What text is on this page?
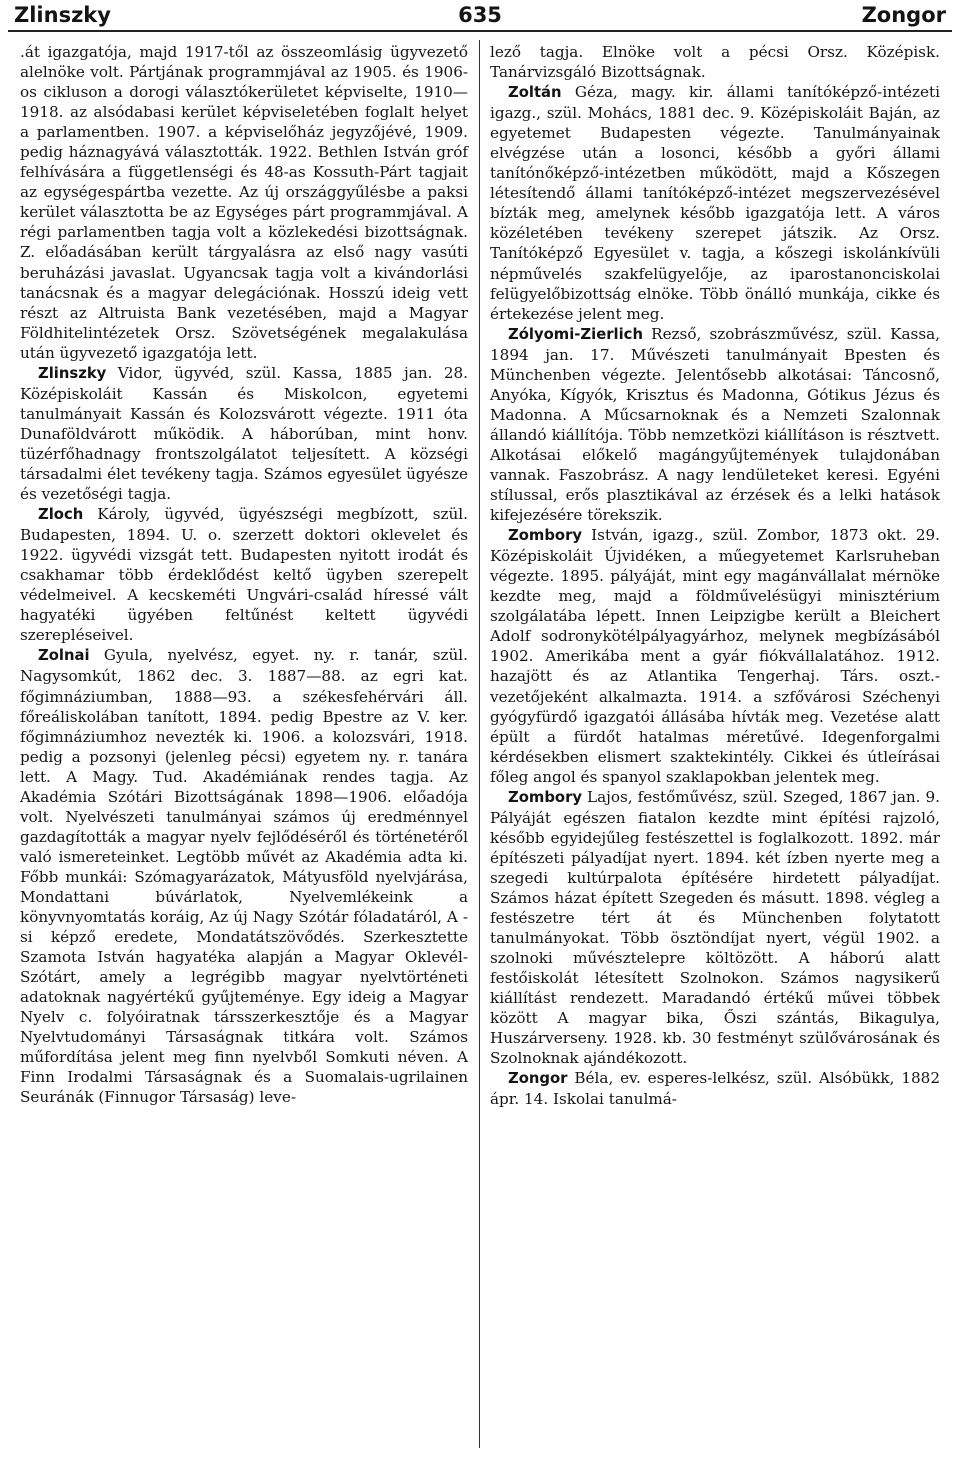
Zlinszky	635	Zongor

.át igazgatója, majd 1917-től az összeomlásig ügyvezető alelnöke volt. Pártjának programmjával az 1905. és 1906-os cikluson a dorogi választókerületet képviselte, 1910—1918. az alsódabasi kerület képviseletében foglalt helyet a parlamentben. 1907. a képviselőház jegyzőjévé, 1909. pedig háznagyává választották. 1922. Bethlen István gróf felhívására a függetlenségi és 48-as Kossuth-Párt tagjait az egységespártba vezette. Az új országgyűlésbe a paksi kerület választotta be az Egységes párt programmjával. A régi parlamentben tagja volt a közlekedési bizottságnak. Z. előadásában került tárgyalásra az első nagy vasúti beruházási javaslat. Ugyancsak tagja volt a kivándorlási tanácsnak és a magyar delegációnak. Hosszú ideig vett részt az Altruista Bank vezetésében, majd a Magyar Földhitelintézetek Orsz. Szövetségének megalakulása után ügyvezető igazgatója lett.

Zlinszky Vidor, ügyvéd, szül. Kassa, 1885 jan. 28. Középiskoláit Kassán és Miskolcon, egyetemi tanulmányait Kassán és Kolozsvárott végezte. 1911 óta Dunaföldvárott működik. A háborúban, mint honv. tüzérfőhadnagy frontszolgálatot teljesített. A községi társadalmi élet tevékeny tagja. Számos egyesület ügyésze és vezetőségi tagja.

Zloch Károly, ügyvéd, ügyészségi megbízott, szül. Budapesten, 1894. U. o. szerzett doktori oklevelet és 1922. ügyvédi vizsgát tett. Budapesten nyitott irodát és csakhamar több érdeklődést keltő ügyben szerepelt védelmeivel. A kecskeméti Ungvári-család híressé vált hagyatéki ügyében feltűnést keltett ügyvédi szerepléseivel.

Zolnai Gyula, nyelvész, egyet. ny. r. tanár, szül. Nagysomkút, 1862 dec. 3. 1887—88. az egri kat. főgimnáziumban, 1888—93. a székesfehérvári áll. főreáliskolában tanított, 1894. pedig Bpestre az V. ker. főgimnáziumhoz nevezték ki. 1906. a kolozsvári, 1918. pedig a pozsonyi (jelenleg pécsi) egyetem ny. r. tanára lett. A Magy. Tud. Akadémiának rendes tagja. Az Akadémia Szótári Bizottságának 1898—1906. előadója volt. Nyelvészeti tanulmányai számos új eredménnyel gazdagították a magyar nyelv fejlődéséről és történetéről való ismereteinket. Legtöbb művét az Akadémia adta ki. Főbb munkái: Szómagyarázatok, Mátyusföld nyelvjárása, Mondattani búvárlatok, Nyelvemlékeink a könyvnyomtatás koráig, Az új Nagy Szótár fóladatáról, A -si képző eredete, Mondatátszövődés. Szerkesztette Szamota István hagyatéka alapján a Magyar Oklevél-Szótárt, amely a legrégibb magyar nyelvtörténeti adatoknak nagyértékű gyűjteménye. Egy ideig a Magyar Nyelv c. folyóiratnak társszerkesztője és a Magyar Nyelvtudományi Társaságnak titkára volt. Számos műfordítása jelent meg finn nyelvből Somkuti néven. A Finn Irodalmi Társaságnak és a Suomalais-ugrilainen Seuránák (Finnugor Társaság) leve-

lező tagja. Elnöke volt a pécsi Orsz. Középisk. Tanárvizsgáló Bizottságnak.

Zoltán Géza, magy. kir. állami tanítóképző-intézeti igazg., szül. Mohács, 1881 dec. 9. Középiskoláit Baján, az egyetemet Budapesten végezte. Tanulmányainak elvégzése után a losonci, később a győri állami tanítónőképző-intézetben működött, majd a Kőszegen létesítendő állami tanítóképző-intézet megszervezésével bízták meg, amelynek később igazgatója lett. A város közéletében tevékeny szerepet játszik. Az Orsz. Tanítóképző Egyesület v. tagja, a kőszegi iskolánkívüli népművelés szakfelügyelője, az iparostanonciskolai felügyelőbizottság elnöke. Több önálló munkája, cikke és értekezése jelent meg.

Zólyomi-Zierlich Rezső, szobrászművész, szül. Kassa, 1894 jan. 17. Művészeti tanulmányait Bpesten és Münchenben végezte. Jelentősebb alkotásai: Táncosnő, Anyóka, Kígyók, Krisztus és Madonna, Gótikus Jézus és Madonna. A Műcsarnoknak és a Nemzeti Szalonnak állandó kiállítója. Több nemzetközi kiállításon is résztvett. Alkotásai előkelő magángyűjtemények tulajdonában vannak. Faszobrász. A nagy lendületeket keresi. Egyéni stílussal, erős plasztikával az érzések és a lelki hatások kifejezésére törekszik.

Zombory István, igazg., szül. Zombor, 1873 okt. 29. Középiskoláit Újvidéken, a műegyetemet Karlsruheban végezte. 1895. pályáját, mint egy magánvállalat mérnöke kezdte meg, majd a földművelésügyi minisztérium szolgálatába lépett. Innen Leipzigbe került a Bleichert Adolf sodronykötélpályagyárhoz, melynek megbízásából 1902. Amerikába ment a gyár fiókvállalatához. 1912. hazajött és az Atlantika Tengerhaj. Társ. oszt.-vezetőjeként alkalmazta. 1914. a szfővárosi Széchenyi gyógyfürdő igazgatói állásába hívták meg. Vezetése alatt épült a fürdőt hatalmas méretűvé. Idegenforgalmi kérdésekben elismert szaktekintély. Cikkei és útleírásai főleg angol és spanyol szaklapokban jelentek meg.

Zombory Lajos, festőművész, szül. Szeged, 1867 jan. 9. Pályáját egészen fiatalon kezdte mint építési rajzoló, később egyidejűleg festészettel is foglalkozott. 1892. már építészeti pályadíjat nyert. 1894. két ízben nyerte meg a szegedi kultúrpalota építésére hirdetett pályadíjat. Számos házat épített Szegeden és másutt. 1898. végleg a festészetre tért át és Münchenben folytatott tanulmányokat. Több ösztöndíjat nyert, végül 1902. a szolnoki művésztelepre költözött. A háború alatt festőiskolát létesített Szolnokon. Számos nagysikerű kiállítást rendezett. Maradandó értékű művei többek között A magyar bika, Őszi szántás, Bikagulya, Huszárverseny. 1928. kb. 30 festményt szülővárosának és Szolnoknak ajándékozott.

Zongor Béla, ev. esperes-lelkész, szül. Alsóbükk, 1882 ápr. 14. Iskolai tanulmá-
